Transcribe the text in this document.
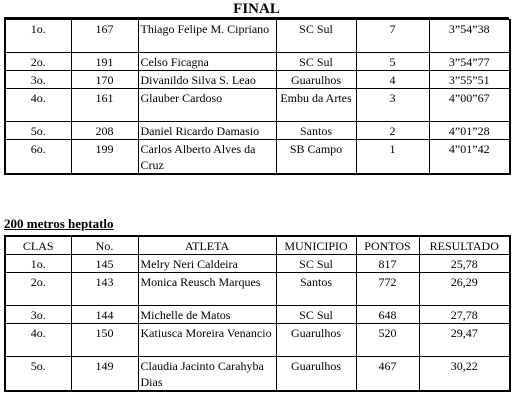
FINAL
1o.	167	Thiago Felipe M. Cipriano	SC Sul	7	3”54”38
2o.	191	Celso Ficagna	SC Sul	5	3”54”77
3o.	170	Divanildo Silva S. Leao	Guarulhos	4	3”55”51
4o.	161	Glauber Cardoso	Embu da Artes	3	4”00”67
5o.	208	Daniel Ricardo Damasio	Santos	2	4”01”28
6o.	199	Carlos Alberto Alves da Cruz	SB Campo	1	4”01”42
200 metros heptatlo
CLAS	No.	ATLETA	MUNICIPIO	PONTOS	RESULTADO
1o.	145	Melry Neri Caldeira	SC Sul	817	25,78
2o.	143	Monica Reusch Marques	Santos	772	26,29
3o.	144	Michelle de Matos	SC Sul	648	27,78
4o.	150	Katiusca Moreira Venancio	Guarulhos	520	29,47
5o.	149	Claudia Jacinto Carahyba Dias	Guarulhos	467	30,22
